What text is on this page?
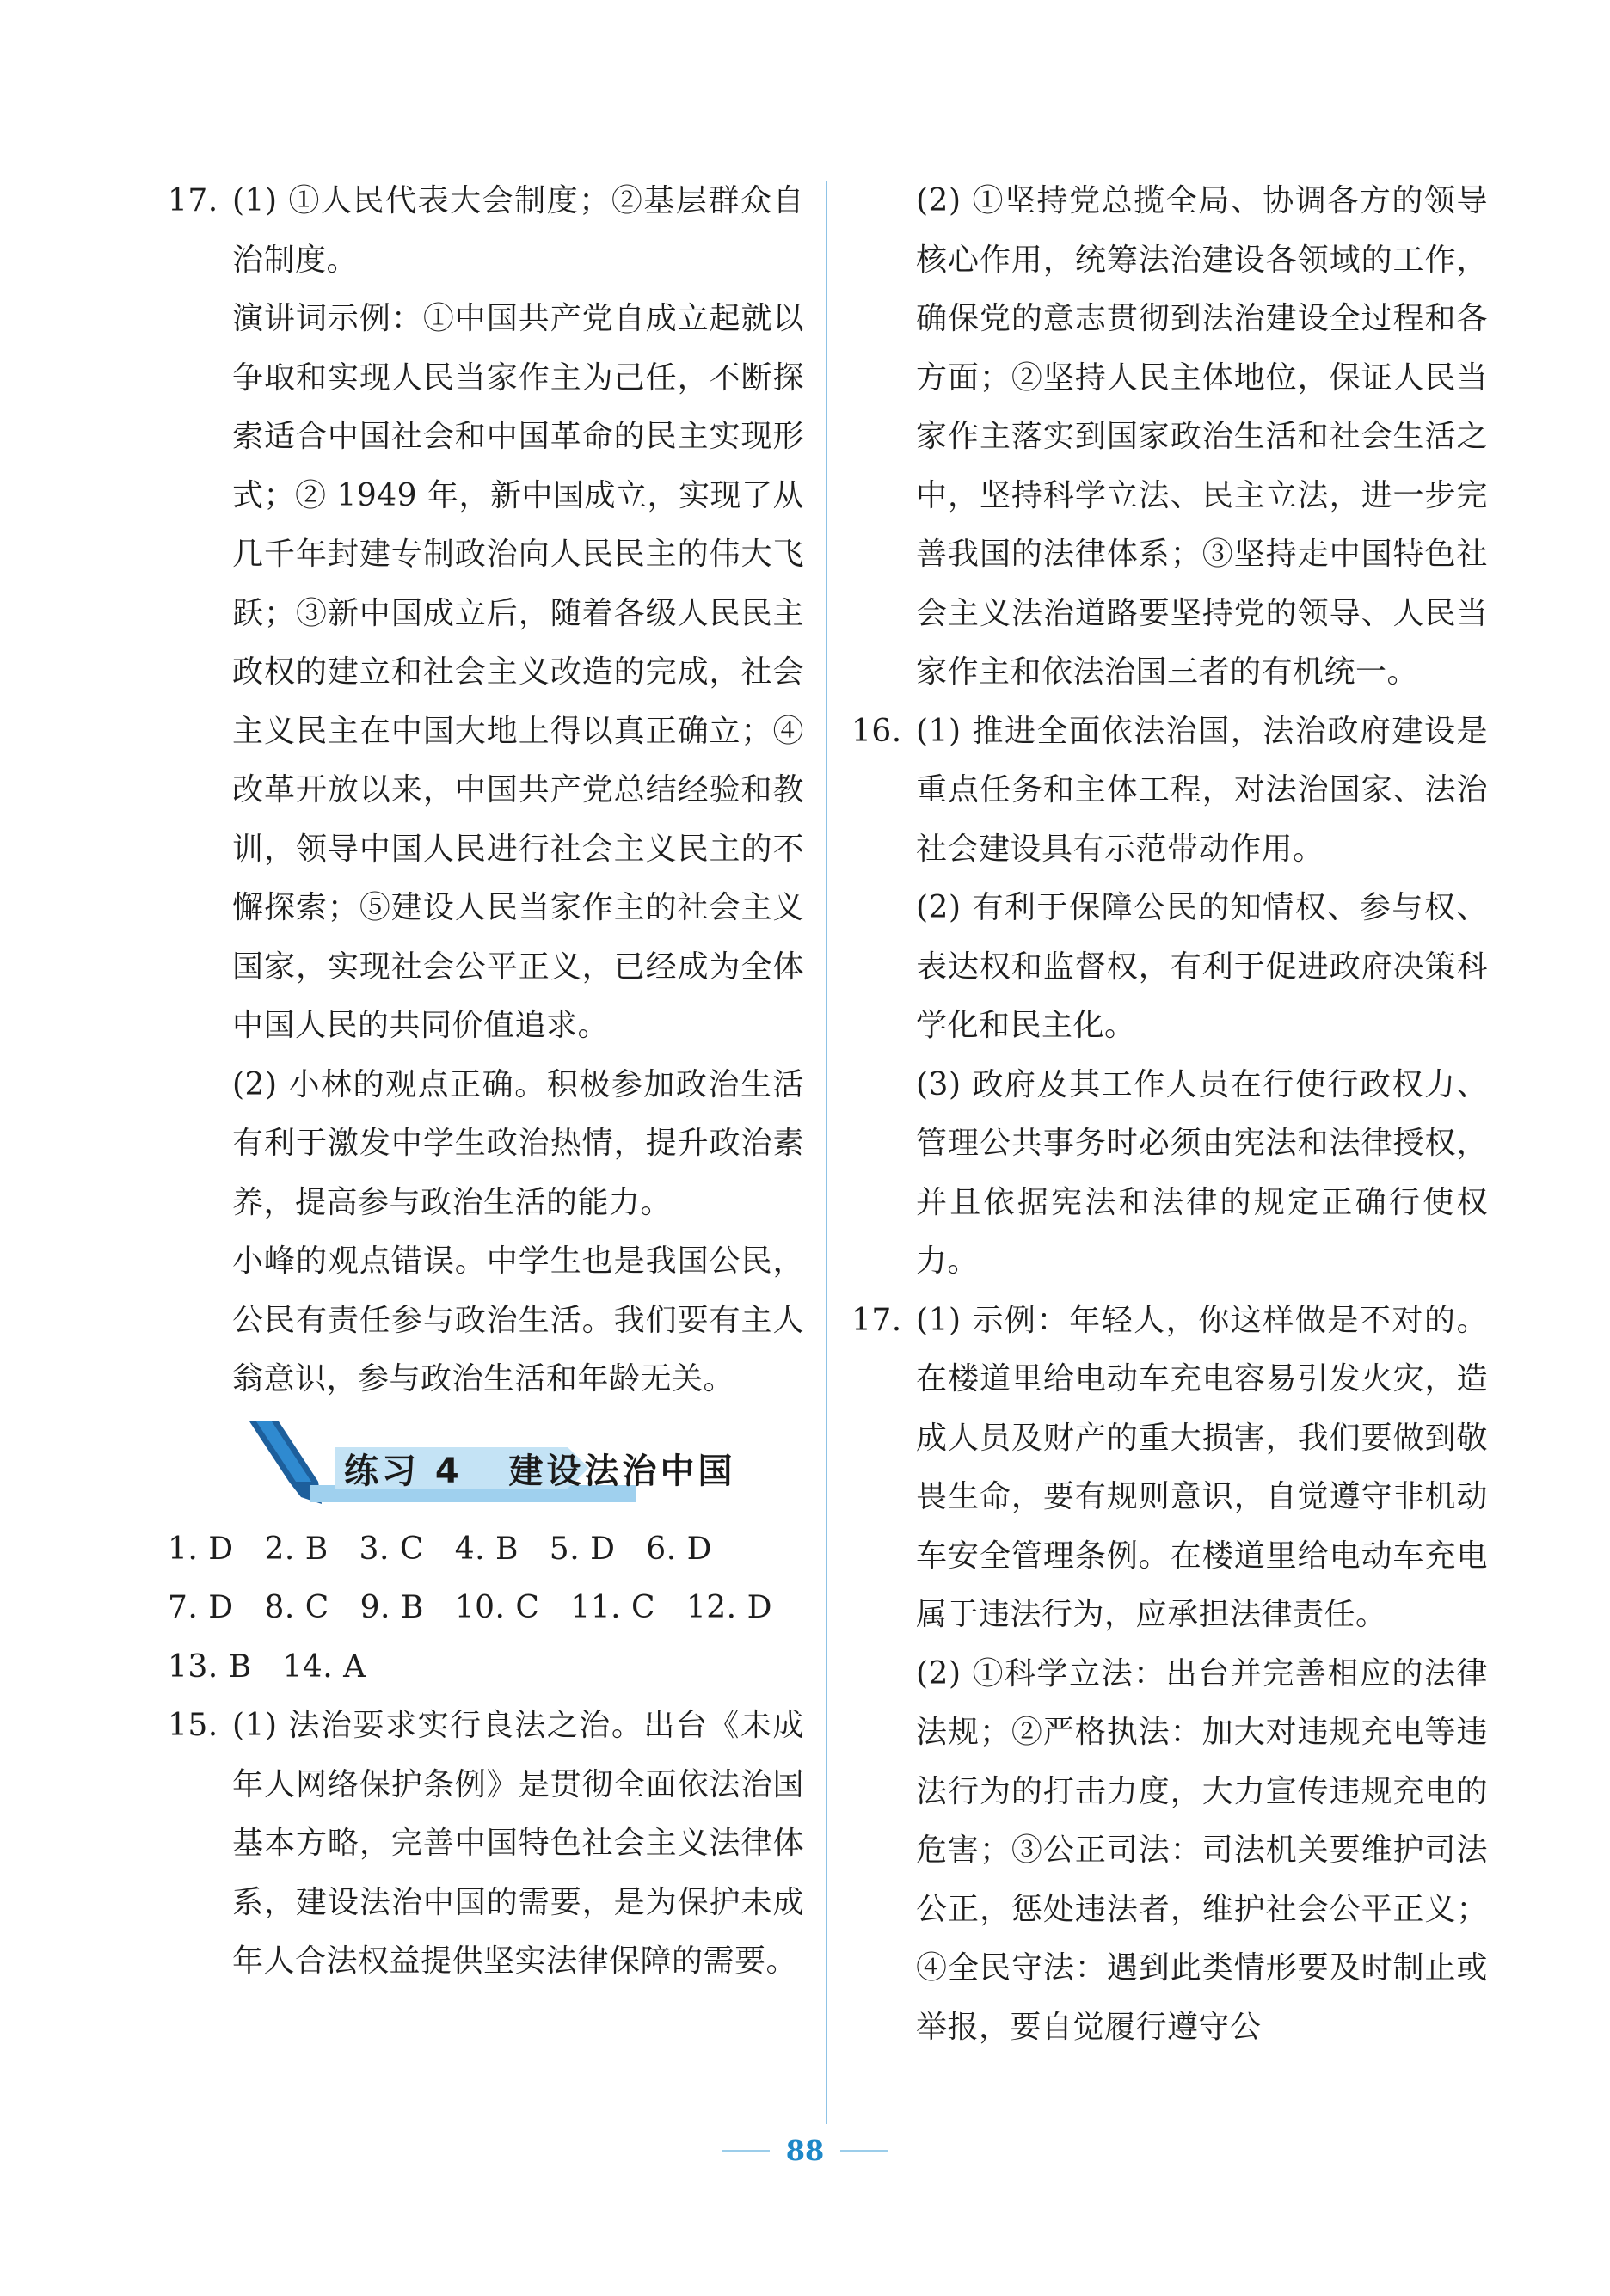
17. (1) ①人民代表大会制度；②基层群众自治制度。
演讲词示例：①中国共产党自成立起就以争取和实现人民当家作主为己任，不断探索适合中国社会和中国革命的民主实现形式；② 1949 年，新中国成立，实现了从几千年封建专制政治向人民民主的伟大飞跃；③新中国成立后，随着各级人民民主政权的建立和社会主义改造的完成，社会主义民主在中国大地上得以真正确立；④改革开放以来，中国共产党总结经验和教训，领导中国人民进行社会主义民主的不懈探索；⑤建设人民当家作主的社会主义国家，实现社会公平正义，已经成为全体中国人民的共同价值追求。
(2) 小林的观点正确。积极参加政治生活有利于激发中学生政治热情，提升政治素养，提高参与政治生活的能力。
小峰的观点错误。中学生也是我国公民，公民有责任参与政治生活。我们要有主人翁意识，参与政治生活和年龄无关。
练习 4   建设法治中国
1. D   2. B   3. C   4. B   5. D   6. D
7. D   8. C   9. B   10. C   11. C   12. D
13. B   14. A
15. (1) 法治要求实行良法之治。出台《未成年人网络保护条例》是贯彻全面依法治国基本方略，完善中国特色社会主义法律体系，建设法治中国的需要，是为保护未成年人合法权益提供坚实法律保障的需要。
(2) ①坚持党总揽全局、协调各方的领导核心作用，统筹法治建设各领域的工作，确保党的意志贯彻到法治建设全过程和各方面；②坚持人民主体地位，保证人民当家作主落实到国家政治生活和社会生活之中，坚持科学立法、民主立法，进一步完善我国的法律体系；③坚持走中国特色社会主义法治道路要坚持党的领导、人民当家作主和依法治国三者的有机统一。
16. (1) 推进全面依法治国，法治政府建设是重点任务和主体工程，对法治国家、法治社会建设具有示范带动作用。
(2) 有利于保障公民的知情权、参与权、表达权和监督权，有利于促进政府决策科学化和民主化。
(3) 政府及其工作人员在行使行政权力、管理公共事务时必须由宪法和法律授权，并且依据宪法和法律的规定正确行使权力。
17. (1) 示例：年轻人，你这样做是不对的。在楼道里给电动车充电容易引发火灾，造成人员及财产的重大损害，我们要做到敬畏生命，要有规则意识，自觉遵守非机动车安全管理条例。在楼道里给电动车充电属于违法行为，应承担法律责任。
(2) ①科学立法：出台并完善相应的法律法规；②严格执法：加大对违规充电等违法行为的打击力度，大力宣传违规充电的危害；③公正司法：司法机关要维护司法公正，惩处违法者，维护社会公平正义；④全民守法：遇到此类情形要及时制止或举报，要自觉履行遵守公
88
